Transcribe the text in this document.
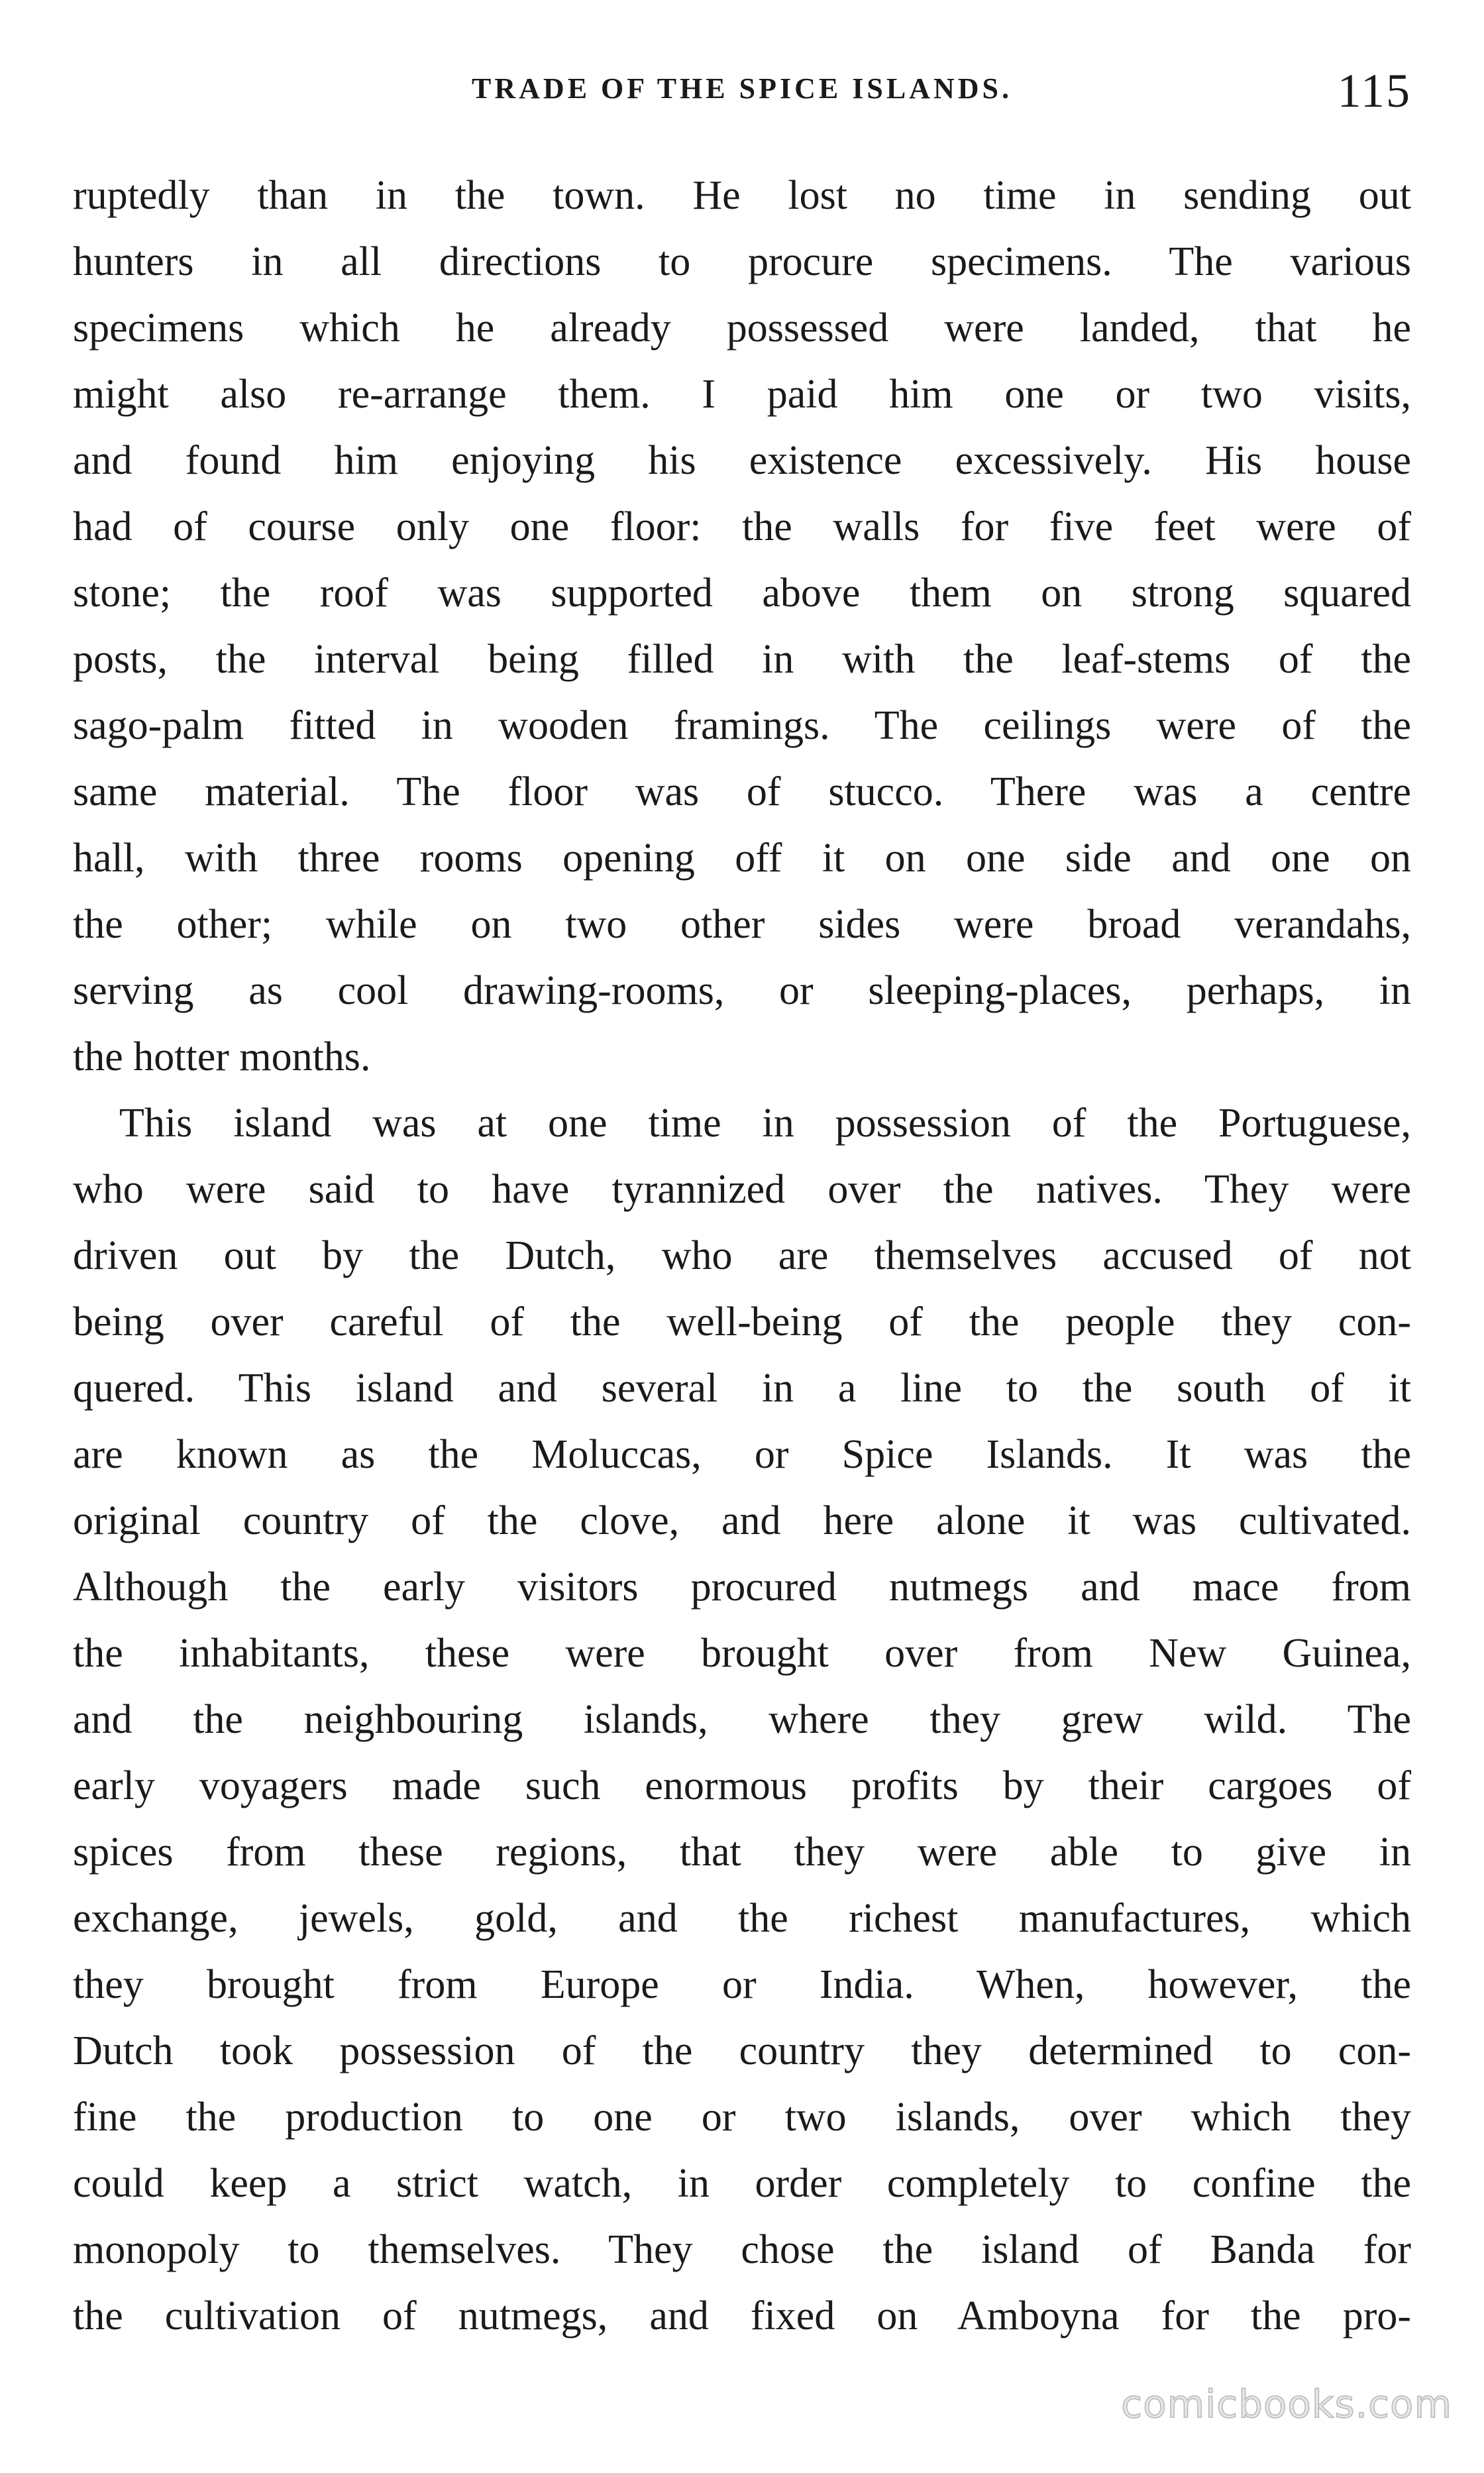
TRADE OF THE SPICE ISLANDS.	115
ruptedly than in the town. He lost no time in sending out
hunters in all directions to procure specimens. The various
specimens which he already possessed were landed, that he
might also re-arrange them. I paid him one or two visits,
and found him enjoying his existence excessively. His house
had of course only one floor: the walls for five feet were of
stone; the roof was supported above them on strong squared
posts, the interval being filled in with the leaf-stems of the
sago-palm fitted in wooden framings. The ceilings were of the
same material. The floor was of stucco. There was a centre
hall, with three rooms opening off it on one side and one on
the other; while on two other sides were broad verandahs,
serving as cool drawing-rooms, or sleeping-places, perhaps, in
the hotter months.
This island was at one time in possession of the Portuguese,
who were said to have tyrannized over the natives. They were
driven out by the Dutch, who are themselves accused of not
being over careful of the well-being of the people they con-
quered. This island and several in a line to the south of it
are known as the Moluccas, or Spice Islands. It was the
original country of the clove, and here alone it was cultivated.
Although the early visitors procured nutmegs and mace from
the inhabitants, these were brought over from New Guinea,
and the neighbouring islands, where they grew wild. The
early voyagers made such enormous profits by their cargoes of
spices from these regions, that they were able to give in
exchange, jewels, gold, and the richest manufactures, which
they brought from Europe or India. When, however, the
Dutch took possession of the country they determined to con-
fine the production to one or two islands, over which they
could keep a strict watch, in order completely to confine the
monopoly to themselves. They chose the island of Banda for
the cultivation of nutmegs, and fixed on Amboyna for the pro-
comicbooks.com
